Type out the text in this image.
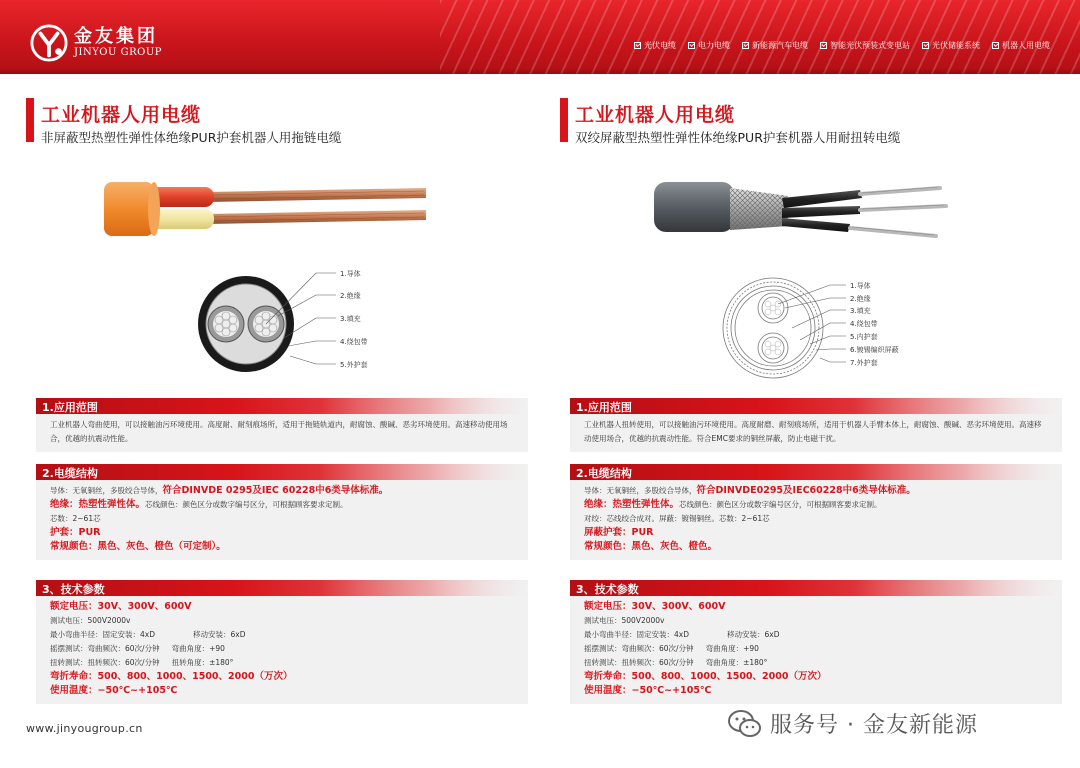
金友集团
JINYOU GROUP
光伏电缆	电力电缆	新能源汽车电缆	智能光伏预装式变电站	光伏储能系统	机器人用电缆
工业机器人用电缆
非屏蔽型热塑性弹性体绝缘PUR护套机器人用拖链电缆
1.导体
2.绝缘
3.填充
4.绕包带
5.外护套
1.应用范围
工业机器人弯曲使用，可以接触油污环境使用。高度耐、耐刻痕场所，适用于拖链轨道内，耐腐蚀、酸碱、恶劣环境使用。高速移动使用场合，优越的抗震动性能。
2.电缆结构
导体：无氧铜丝，多股绞合导体，符合DINVDE 0295及IEC 60228中6类导体标准。
绝缘：热塑性弹性体。芯线颜色：颜色区分或数字编号区分，可根据顾客要求定制。
芯数：2~61芯
护套：PUR
常规颜色：黑色、灰色、橙色（可定制）。
3、技术参数
额定电压：30V、300V、600V
测试电压：500V2000v
最小弯曲半径：固定安装：4xD	移动安装：6xD
摇摆测试：弯曲频次：60次/分钟 弯曲角度：+90
扭转测试：扭转频次：60次/分钟 扭转角度：±180°
弯折寿命：500、800、1000、1500、2000（万次）
使用温度：−50℃~+105℃
工业机器人用电缆
双绞屏蔽型热塑性弹性体绝缘PUR护套机器人用耐扭转电缆
1.导体
2.绝缘
3.填充
4.绕包带
5.内护套
6.镀锡编织屏蔽
7.外护套
1.应用范围
工业机器人扭转使用，可以接触油污环境使用。高度耐磨、耐刻痕场所，适用于机器人手臂本体上，耐腐蚀、酸碱、恶劣环境使用。高速移动使用场合，优越的抗震动性能。符合EMC要求的铜丝屏蔽，防止电磁干扰。
2.电缆结构
导体：无氧铜丝，多股绞合导体，符合DINVDE0295及IEC60228中6类导体标准。
绝缘：热塑性弹性体。芯线颜色：颜色区分或数字编号区分，可根据顾客要求定制。
对绞：芯线绞合成对。屏蔽：镀锡铜丝。芯数：2~61芯
屏蔽护套：PUR
常规颜色：黑色、灰色、橙色。
3、技术参数
额定电压：30V、300V、600V
测试电压：500V2000v
最小弯曲半径：固定安装：4xD	移动安装：6xD
摇摆测试：弯曲频次：60次/分钟 弯曲角度：+90
扭转测试：扭转频次：60次/分钟 弯曲角度：±180°
弯折寿命：500、800、1000、1500、2000（万次）
使用温度：−50℃~+105℃
www.jinyougroup.cn	服务号 · 金友新能源
